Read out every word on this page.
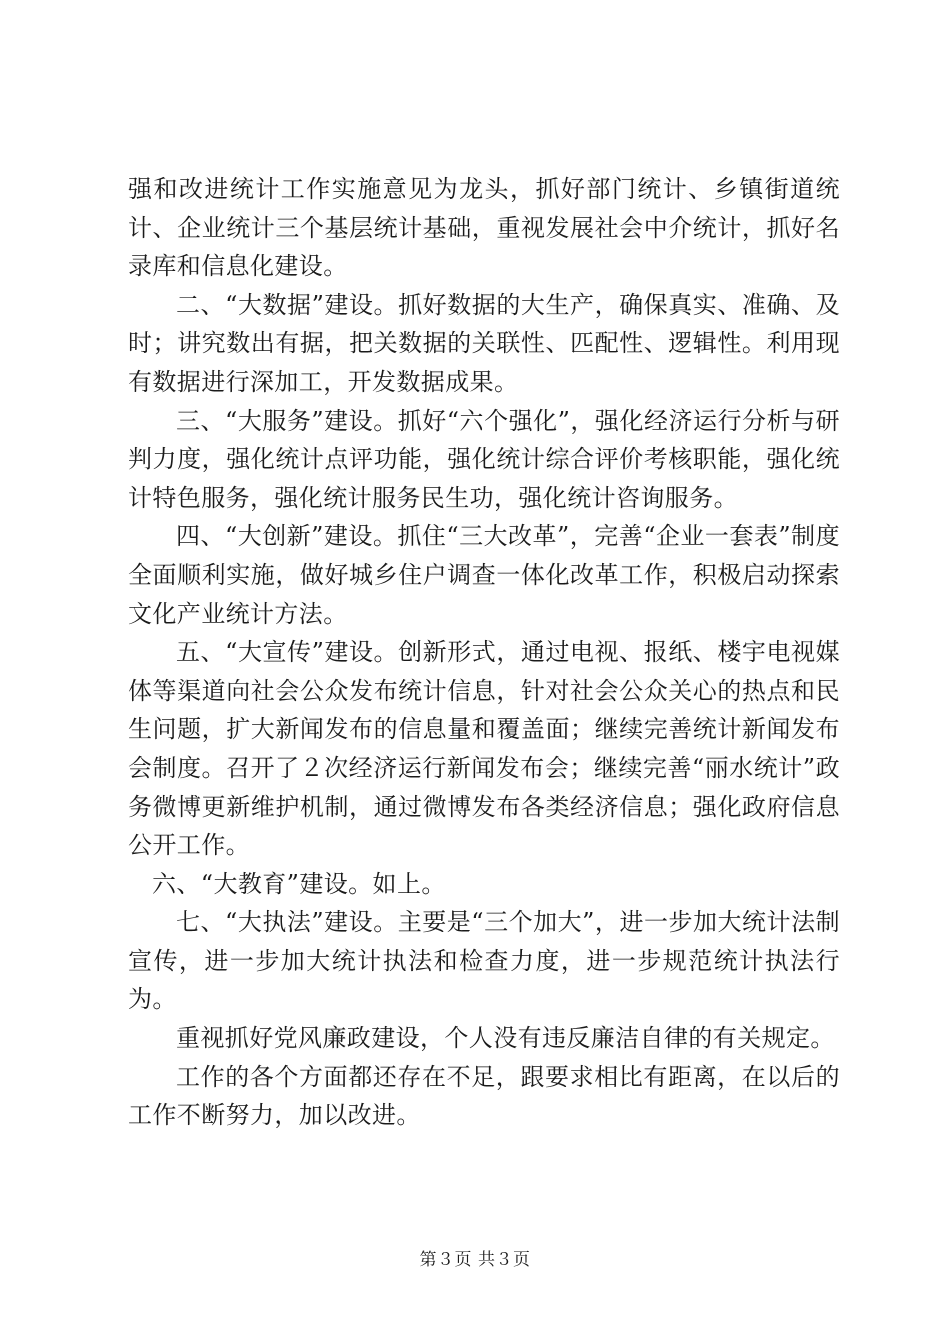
强和改进统计工作实施意见为龙头，抓好部门统计、乡镇街道统计、企业统计三个基层统计基础，重视发展社会中介统计，抓好名录库和信息化建设。

二、“大数据”建设。抓好数据的大生产，确保真实、准确、及时；讲究数出有据，把关数据的关联性、匹配性、逻辑性。利用现有数据进行深加工，开发数据成果。

三、“大服务”建设。抓好“六个强化”，强化经济运行分析与研判力度，强化统计点评功能，强化统计综合评价考核职能，强化统计特色服务，强化统计服务民生功，强化统计咨询服务。

四、“大创新”建设。抓住“三大改革”，完善“企业一套表”制度全面顺利实施，做好城乡住户调查一体化改革工作，积极启动探索文化产业统计方法。

五、“大宣传”建设。创新形式，通过电视、报纸、楼宇电视媒体等渠道向社会公众发布统计信息，针对社会公众关心的热点和民生问题，扩大新闻发布的信息量和覆盖面；继续完善统计新闻发布会制度。召开了２次经济运行新闻发布会；继续完善“丽水统计”政务微博更新维护机制，通过微博发布各类经济信息；强化政府信息公开工作。

六、“大教育”建设。如上。

七、“大执法”建设。主要是“三个加大”，进一步加大统计法制宣传，进一步加大统计执法和检查力度，进一步规范统计执法行为。

重视抓好党风廉政建设，个人没有违反廉洁自律的有关规定。

工作的各个方面都还存在不足，跟要求相比有距离，在以后的工作不断努力，加以改进。

第３页 共３页
